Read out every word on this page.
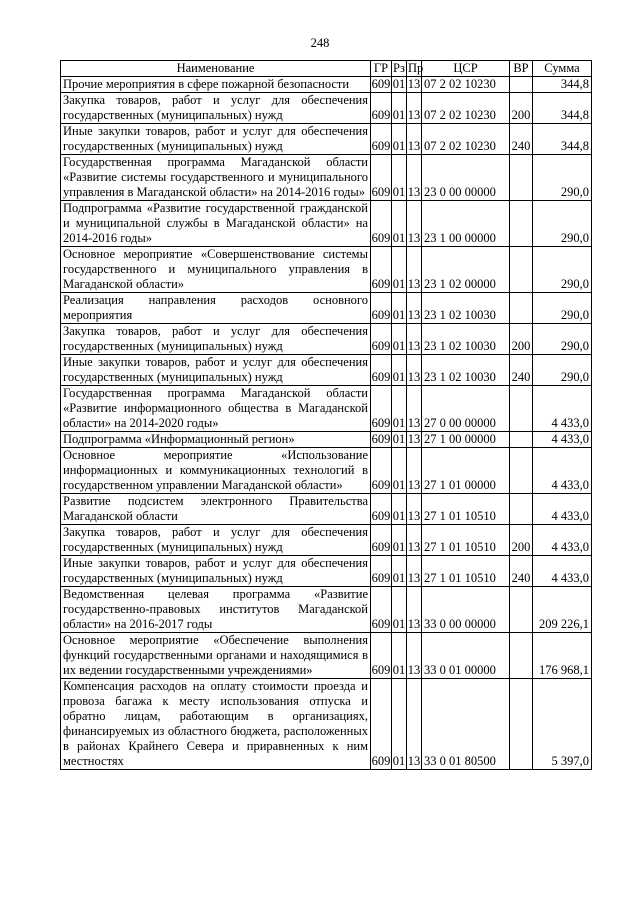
248
Наименование	ГР	Рз	Пр	ЦСР	ВР	Сумма
Прочие мероприятия в сфере пожарной безопасности	609	01	13	07 2 02 10230		344,8
Закупка товаров, работ и услуг для обеспечения государственных (муниципальных) нужд	609	01	13	07 2 02 10230	200	344,8
Иные закупки товаров, работ и услуг для обеспечения государственных (муниципальных) нужд	609	01	13	07 2 02 10230	240	344,8
Государственная программа Магаданской области «Развитие системы государственного и муниципального управления в Магаданской области» на 2014-2016 годы»	609	01	13	23 0 00 00000		290,0
Подпрограмма «Развитие государственной гражданской и муниципальной службы в Магаданской области» на 2014-2016 годы»	609	01	13	23 1 00 00000		290,0
Основное мероприятие «Совершенствование системы государственного и муниципального управления в Магаданской области»	609	01	13	23 1 02 00000		290,0
Реализация направления расходов основного мероприятия	609	01	13	23 1 02 10030		290,0
Закупка товаров, работ и услуг для обеспечения государственных (муниципальных) нужд	609	01	13	23 1 02 10030	200	290,0
Иные закупки товаров, работ и услуг для обеспечения государственных (муниципальных) нужд	609	01	13	23 1 02 10030	240	290,0
Государственная программа Магаданской области «Развитие информационного общества в Магаданской области» на 2014-2020 годы»	609	01	13	27 0 00 00000		4 433,0
Подпрограмма «Информационный регион»	609	01	13	27 1 00 00000		4 433,0
Основное мероприятие «Использование информационных и коммуникационных технологий в государственном управлении Магаданской области»	609	01	13	27 1 01 00000		4 433,0
Развитие подсистем электронного Правительства Магаданской области	609	01	13	27 1 01 10510		4 433,0
Закупка товаров, работ и услуг для обеспечения государственных (муниципальных) нужд	609	01	13	27 1 01 10510	200	4 433,0
Иные закупки товаров, работ и услуг для обеспечения государственных (муниципальных) нужд	609	01	13	27 1 01 10510	240	4 433,0
Ведомственная целевая программа «Развитие государственно-правовых институтов Магаданской области» на 2016-2017 годы	609	01	13	33 0 00 00000		209 226,1
Основное мероприятие «Обеспечение выполнения функций государственными органами и находящимися в их ведении государственными учреждениями»	609	01	13	33 0 01 00000		176 968,1
Компенсация расходов на оплату стоимости проезда и провоза багажа к месту использования отпуска и обратно лицам, работающим в организациях, финансируемых из областного бюджета, расположенных в районах Крайнего Севера и приравненных к ним местностях	609	01	13	33 0 01 80500		5 397,0
